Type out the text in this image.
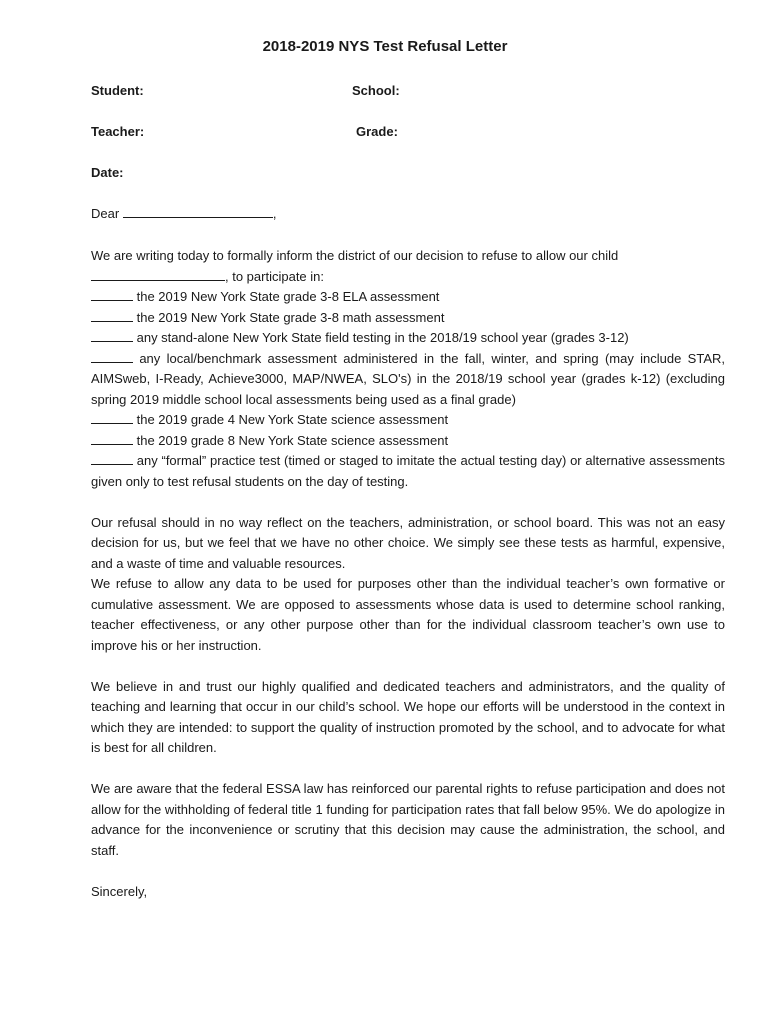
2018-2019 NYS Test Refusal Letter
Student:	School:
Teacher:	Grade:
Date:
Dear	,

We are writing today to formally inform the district of our decision to refuse to allow our child

, to participate in:

the 2019 New York State grade 3-8 ELA assessment

the 2019 New York State grade 3-8 math assessment

any stand-alone New York State field testing in the 2018/19 school year (grades 3-12)

any local/benchmark assessment administered in the fall, winter, and spring (may include STAR, AIMSweb, I-Ready, Achieve3000, MAP/NWEA, SLO's) in the 2018/19 school year (grades k-12) (excluding spring 2019 middle school local assessments being used as a final grade)

the 2019 grade 4 New York State science assessment

the 2019 grade 8 New York State science assessment

any “formal” practice test (timed or staged to imitate the actual testing day) or alternative assessments given only to test refusal students on the day of testing.

Our refusal should in no way reflect on the teachers, administration, or school board. This was not an easy decision for us, but we feel that we have no other choice. We simply see these tests as harmful, expensive, and a waste of time and valuable resources.

We refuse to allow any data to be used for purposes other than the individual teacher’s own formative or cumulative assessment. We are opposed to assessments whose data is used to determine school ranking, teacher effectiveness, or any other purpose other than for the individual classroom teacher’s own use to improve his or her instruction.

We believe in and trust our highly qualified and dedicated teachers and administrators, and the quality of teaching and learning that occur in our child’s school. We hope our efforts will be understood in the context in which they are intended: to support the quality of instruction promoted by the school, and to advocate for what is best for all children.

We are aware that the federal ESSA law has reinforced our parental rights to refuse participation and does not allow for the withholding of federal title 1 funding for participation rates that fall below 95%. We do apologize in advance for the inconvenience or scrutiny that this decision may cause the administration, the school, and staff.

Sincerely,
